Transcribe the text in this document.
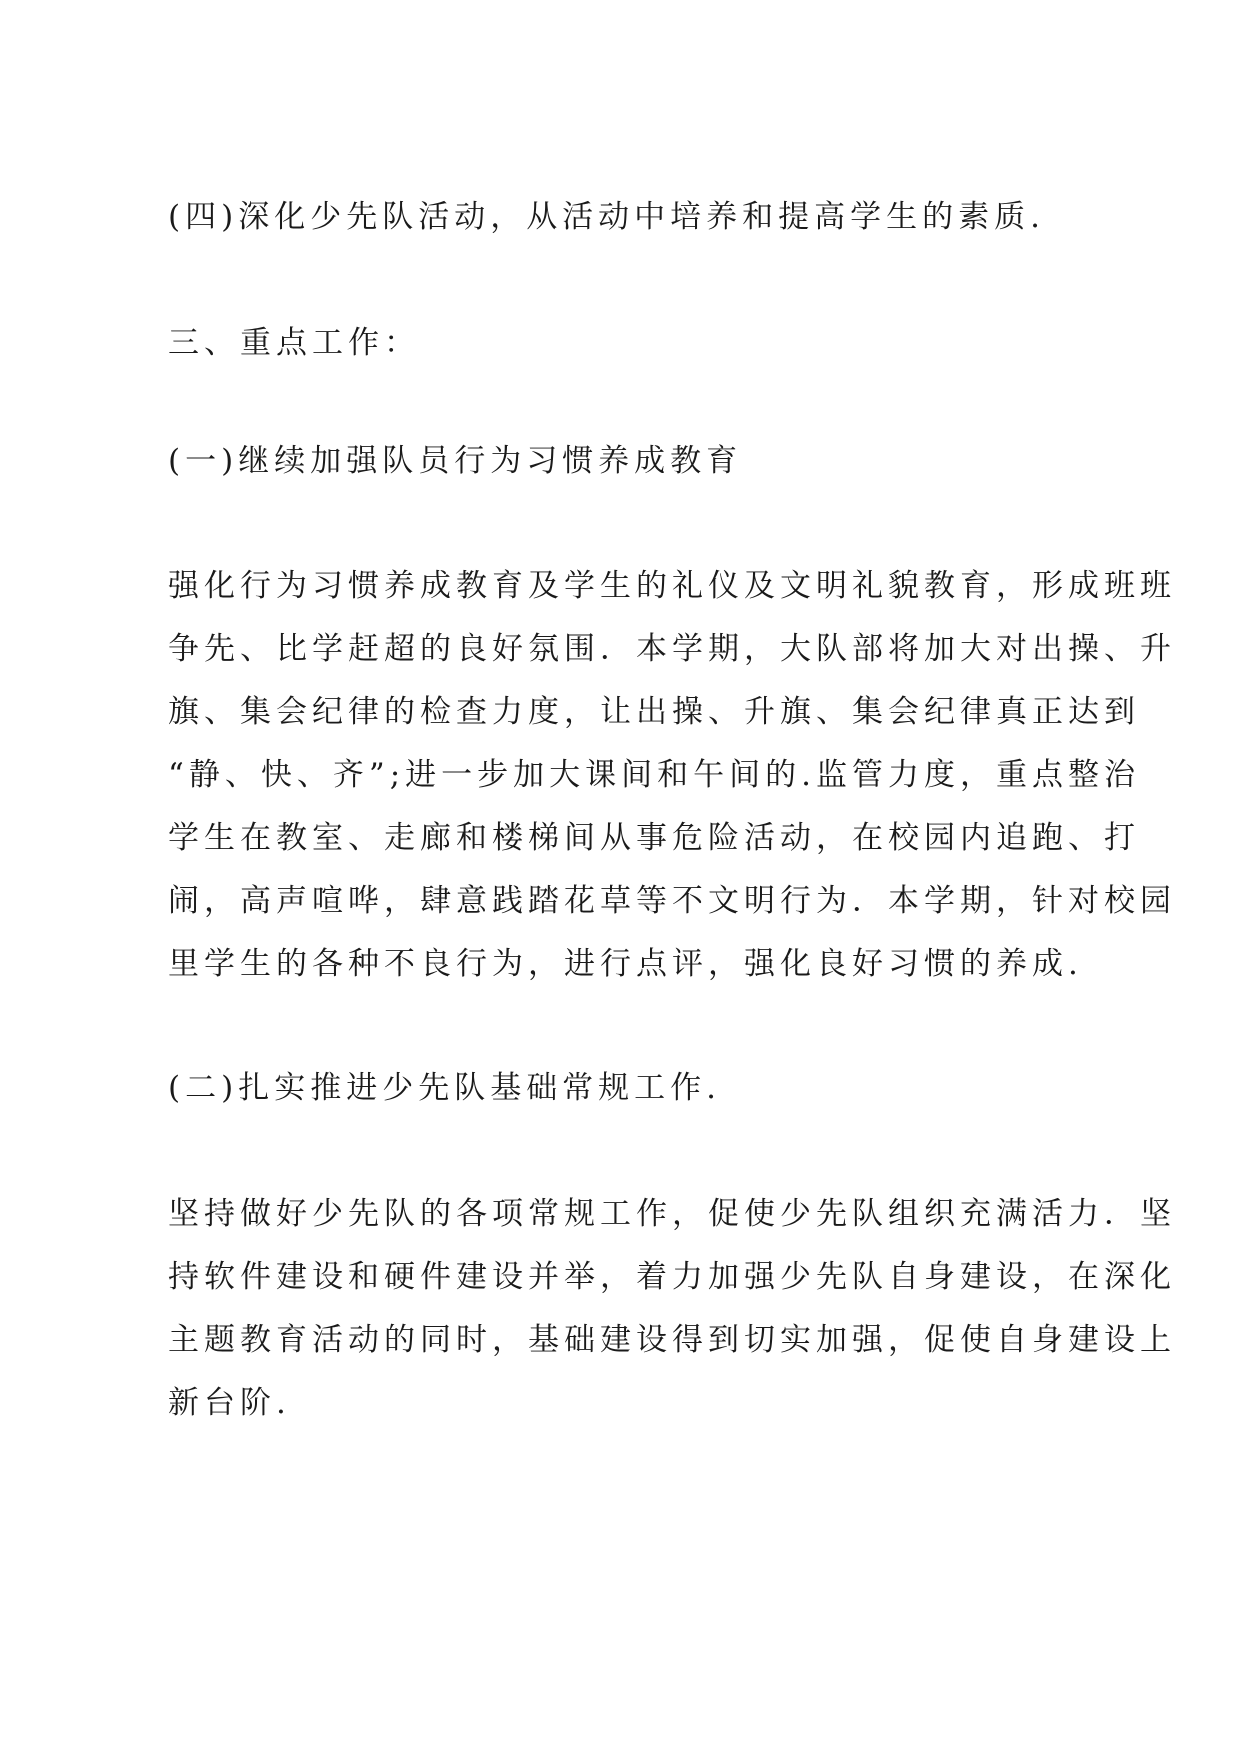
(四)深化少先队活动，从活动中培养和提高学生的素质.
三、重点工作：
(一)继续加强队员行为习惯养成教育
强化行为习惯养成教育及学生的礼仪及文明礼貌教育，形成班班
争先、比学赶超的良好氛围．本学期，大队部将加大对出操、升
旗、集会纪律的检查力度，让出操、升旗、集会纪律真正达到
“静、快、齐”;进一步加大课间和午间的.监管力度，重点整治
学生在教室、走廊和楼梯间从事危险活动，在校园内追跑、打
闹，高声喧哗，肆意践踏花草等不文明行为．本学期，针对校园
里学生的各种不良行为，进行点评，强化良好习惯的养成.
(二)扎实推进少先队基础常规工作.
坚持做好少先队的各项常规工作，促使少先队组织充满活力．坚
持软件建设和硬件建设并举，着力加强少先队自身建设，在深化
主题教育活动的同时，基础建设得到切实加强，促使自身建设上
新台阶.
